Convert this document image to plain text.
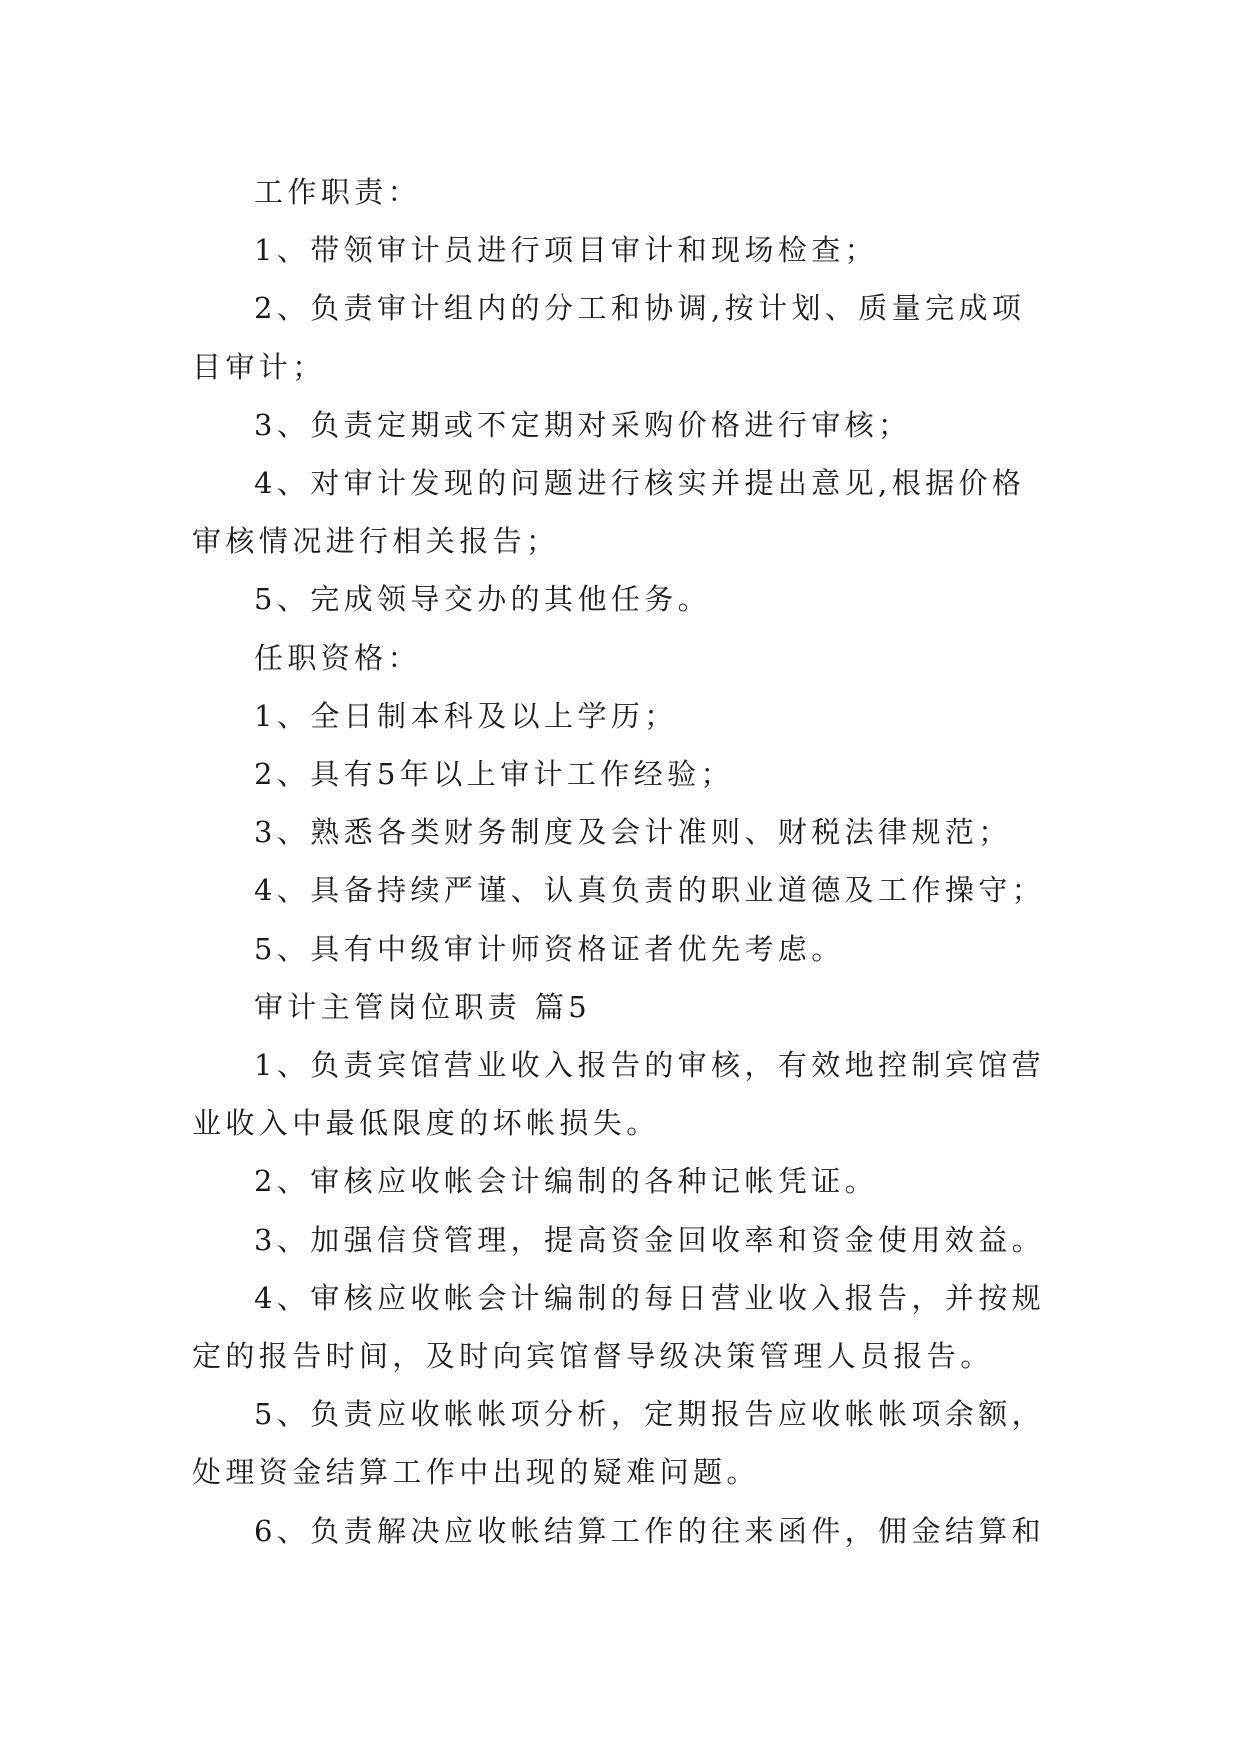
工作职责：

1、带领审计员进行项目审计和现场检查；

2、负责审计组内的分工和协调,按计划、质量完成项目审计；

3、负责定期或不定期对采购价格进行审核；

4、对审计发现的问题进行核实并提出意见,根据价格审核情况进行相关报告；

5、完成领导交办的其他任务。

任职资格：

1、全日制本科及以上学历；

2、具有5年以上审计工作经验；

3、熟悉各类财务制度及会计准则、财税法律规范；

4、具备持续严谨、认真负责的职业道德及工作操守；

5、具有中级审计师资格证者优先考虑。

审计主管岗位职责 篇5

1、负责宾馆营业收入报告的审核，有效地控制宾馆营业收入中最低限度的坏帐损失。

2、审核应收帐会计编制的各种记帐凭证。

3、加强信贷管理，提高资金回收率和资金使用效益。

4、审核应收帐会计编制的每日营业收入报告，并按规定的报告时间，及时向宾馆督导级决策管理人员报告。

5、负责应收帐帐项分析，定期报告应收帐帐项余额，处理资金结算工作中出现的疑难问题。

6、负责解决应收帐结算工作的往来函件，佣金结算和
